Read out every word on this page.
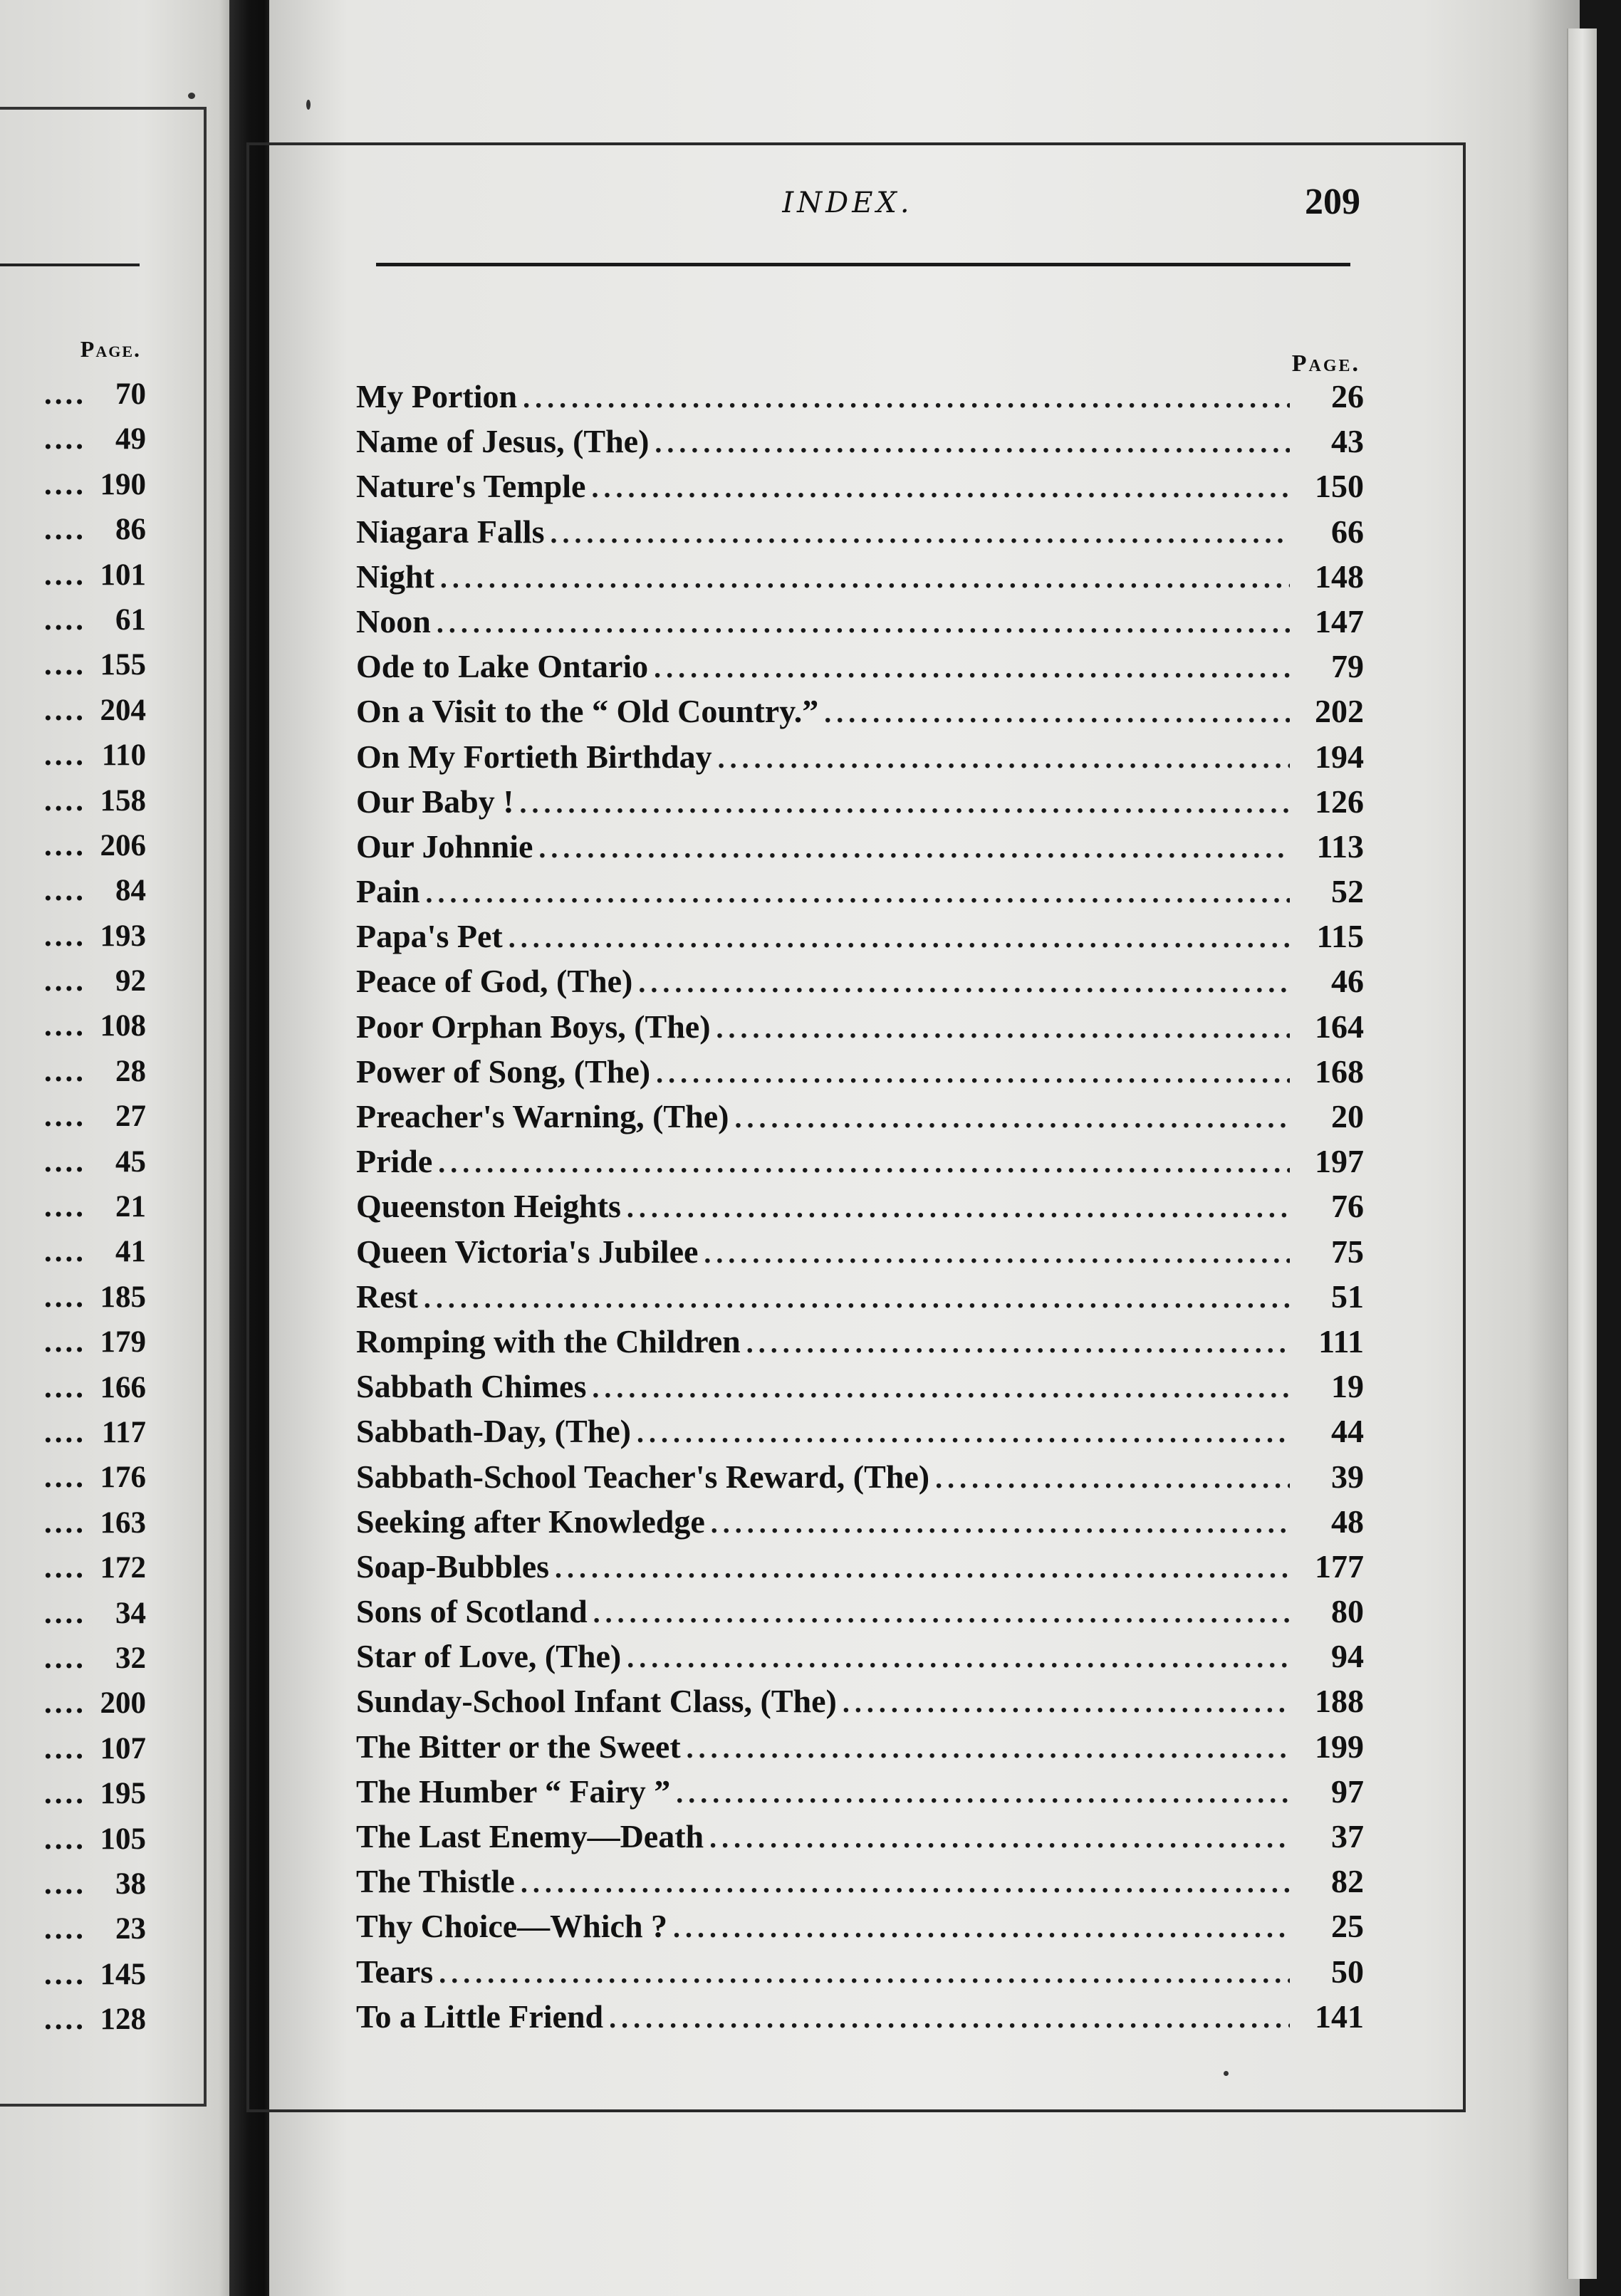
Page.
.... 70
.... 49
.... 190
.... 86
.... 101
.... 61
.... 155
.... 204
.... 110
.... 158
.... 206
.... 84
.... 193
.... 92
.... 108
.... 28
.... 27
.... 45
.... 21
.... 41
.... 185
.... 179
.... 166
.... 117
.... 176
.... 163
.... 172
.... 34
.... 32
.... 200
.... 107
.... 195
.... 105
.... 38
.... 23
.... 145
.... 128
INDEX.	209
Page.
My Portion .....	26
Name of Jesus, (The) .....	43
Nature's Temple .....	150
Niagara Falls .....	66
Night .....	148
Noon .....	147
Ode to Lake Ontario .....	79
On a Visit to the “ Old Country.” .....	202
On My Fortieth Birthday .....	194
Our Baby ! .....	126
Our Johnnie .....	113
Pain .....	52
Papa's Pet .....	115
Peace of God, (The) .....	46
Poor Orphan Boys, (The) .....	164
Power of Song, (The) .....	168
Preacher's Warning, (The) .....	20
Pride .....	197
Queenston Heights .....	76
Queen Victoria's Jubilee .....	75
Rest .....	51
Romping with the Children .....	111
Sabbath Chimes .....	19
Sabbath-Day, (The) .....	44
Sabbath-School Teacher's Reward, (The) .....	39
Seeking after Knowledge .....	48
Soap-Bubbles .....	177
Sons of Scotland .....	80
Star of Love, (The) .....	94
Sunday-School Infant Class, (The) .....	188
The Bitter or the Sweet .....	199
The Humber “ Fairy ” .....	97
The Last Enemy—Death .....	37
The Thistle .....	82
Thy Choice—Which ? .....	25
Tears .....	50
To a Little Friend .....	141
